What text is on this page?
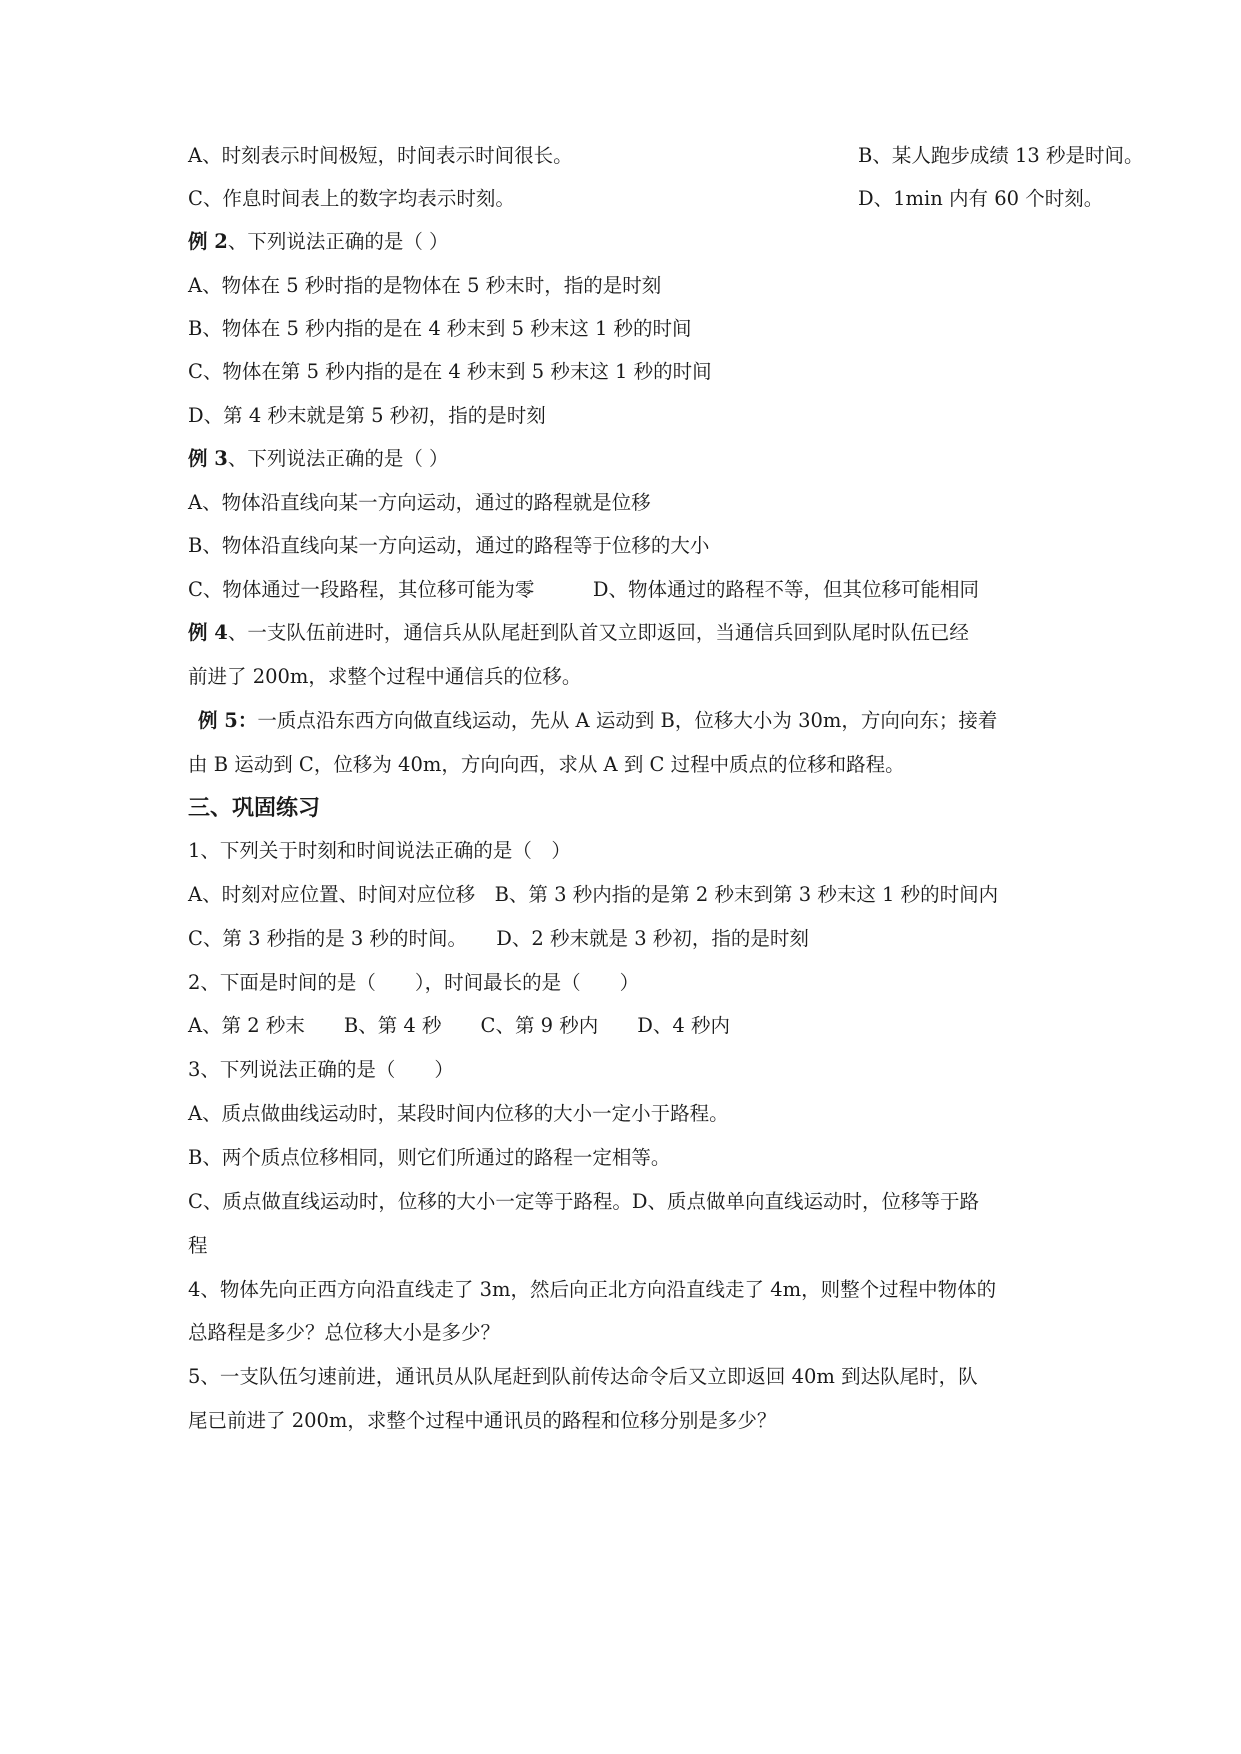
A、时刻表示时间极短，时间表示时间很长。	B、某人跑步成绩 13 秒是时间。
C、作息时间表上的数字均表示时刻。	D、1min 内有 60 个时刻。
例 2、下列说法正确的是（ ）
A、物体在 5 秒时指的是物体在 5 秒末时，指的是时刻
B、物体在 5 秒内指的是在 4 秒末到 5 秒末这 1 秒的时间
C、物体在第 5 秒内指的是在 4 秒末到 5 秒末这 1 秒的时间
D、第 4 秒末就是第 5 秒初，指的是时刻
例 3、下列说法正确的是（ ）
A、物体沿直线向某一方向运动，通过的路程就是位移
B、物体沿直线向某一方向运动，通过的路程等于位移的大小
C、物体通过一段路程，其位移可能为零　　　D、物体通过的路程不等，但其位移可能相同
例 4、一支队伍前进时，通信兵从队尾赶到队首又立即返回，当通信兵回到队尾时队伍已经
前进了 200m，求整个过程中通信兵的位移。
例 5：一质点沿东西方向做直线运动，先从 A 运动到 B，位移大小为 30m，方向向东；接着
由 B 运动到 C，位移为 40m，方向向西，求从 A 到 C 过程中质点的位移和路程。
三、巩固练习
1、下列关于时刻和时间说法正确的是（　）
A、时刻对应位置、时间对应位移　B、第 3 秒内指的是第 2 秒末到第 3 秒末这 1 秒的时间内
C、第 3 秒指的是 3 秒的时间。　　D、2 秒末就是 3 秒初，指的是时刻
2、下面是时间的是（　　），时间最长的是（　　）
A、第 2 秒末　　B、第 4 秒　　C、第 9 秒内　　D、4 秒内
3、下列说法正确的是（　　）
A、质点做曲线运动时，某段时间内位移的大小一定小于路程。
B、两个质点位移相同，则它们所通过的路程一定相等。
C、质点做直线运动时，位移的大小一定等于路程。D、质点做单向直线运动时，位移等于路
程
4、物体先向正西方向沿直线走了 3m，然后向正北方向沿直线走了 4m，则整个过程中物体的
总路程是多少？总位移大小是多少？
5、一支队伍匀速前进，通讯员从队尾赶到队前传达命令后又立即返回 40m 到达队尾时，队
尾已前进了 200m，求整个过程中通讯员的路程和位移分别是多少？
